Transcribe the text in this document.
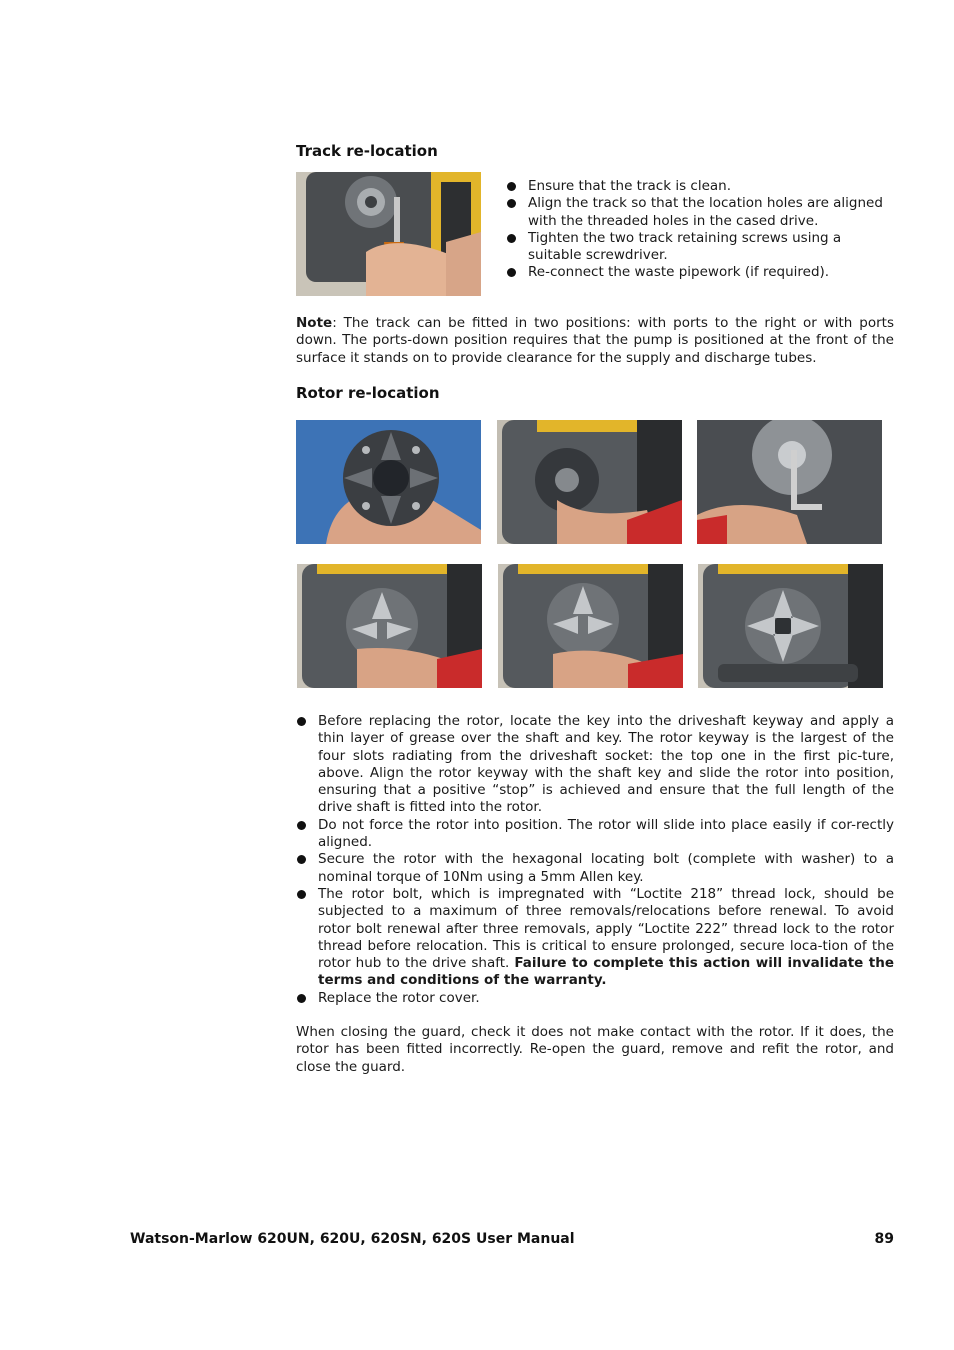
Track re-location
Ensure that the track is clean.
Align the track so that the location holes are aligned with the threaded holes in the cased drive.
Tighten the two track retaining screws using a suitable screwdriver.
Re-connect the waste pipework (if required).

Note: The track can be fitted in two positions: with ports to the right or with ports down. The ports-down position requires that the pump is positioned at the front of the surface it stands on to provide clearance for the supply and discharge tubes.

Rotor re-location
Before replacing the rotor, locate the key into the driveshaft keyway and apply a thin layer of grease over the shaft and key. The rotor keyway is the largest of the four slots radiating from the driveshaft socket: the top one in the first pic-ture, above. Align the rotor keyway with the shaft key and slide the rotor into position, ensuring that a positive “stop” is achieved and ensure that the full length of the drive shaft is fitted into the rotor.
Do not force the rotor into position. The rotor will slide into place easily if cor-rectly aligned.
Secure the rotor with the hexagonal locating bolt (complete with washer) to a nominal torque of 10Nm using a 5mm Allen key.
The rotor bolt, which is impregnated with “Loctite 218” thread lock, should be subjected to a maximum of three removals/relocations before renewal. To avoid rotor bolt renewal after three removals, apply “Loctite 222” thread lock to the rotor thread before relocation. This is critical to ensure prolonged, secure loca-tion of the rotor hub to the drive shaft. Failure to complete this action will invalidate the terms and conditions of the warranty.
Replace the rotor cover.

When closing the guard, check it does not make contact with the rotor. If it does, the rotor has been fitted incorrectly. Re-open the guard, remove and refit the rotor, and close the guard.

Watson-Marlow 620UN, 620U, 620SN, 620S User Manual	89
